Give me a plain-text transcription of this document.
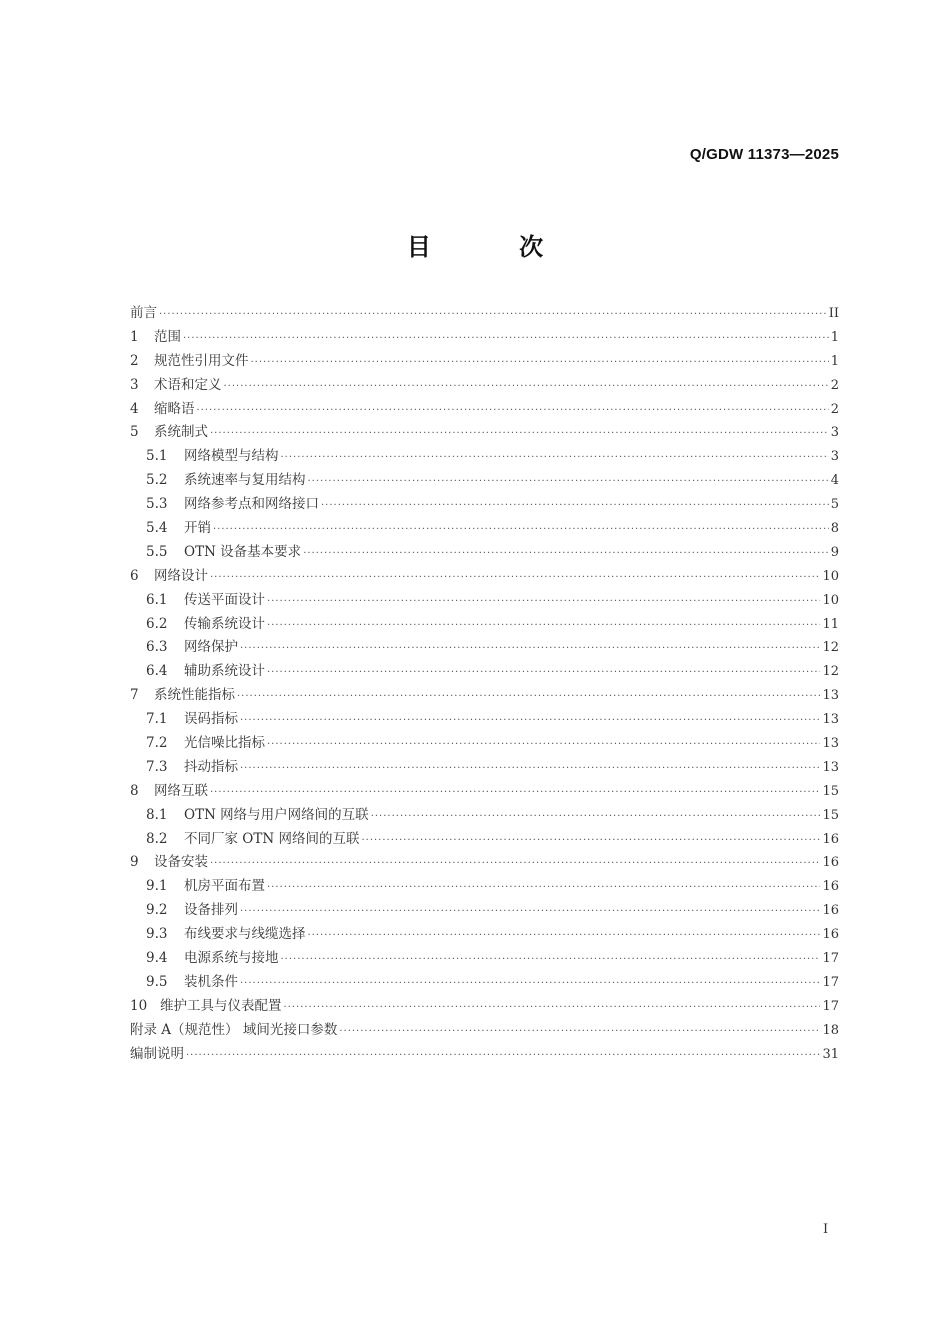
Q/GDW 11373—2025
目 次
前言 ·····	II
1	范围 ·····	1
2	规范性引用文件 ·····	1
3	术语和定义 ·····	2
4	缩略语 ·····	2
5	系统制式 ·····	3
5.1	网络模型与结构 ·····	3
5.2	系统速率与复用结构 ·····	4
5.3	网络参考点和网络接口 ·····	5
5.4	开销 ·····	8
5.5	OTN 设备基本要求 ·····	9
6	网络设计 ·····	10
6.1	传送平面设计 ·····	10
6.2	传输系统设计 ·····	11
6.3	网络保护 ·····	12
6.4	辅助系统设计 ·····	12
7	系统性能指标 ·····	13
7.1	误码指标 ·····	13
7.2	光信噪比指标 ·····	13
7.3	抖动指标 ·····	13
8	网络互联 ·····	15
8.1	OTN 网络与用户网络间的互联 ·····	15
8.2	不同厂家 OTN 网络间的互联 ·····	16
9	设备安装 ·····	16
9.1	机房平面布置 ·····	16
9.2	设备排列 ·····	16
9.3	布线要求与线缆选择 ·····	16
9.4	电源系统与接地 ·····	17
9.5	装机条件 ·····	17
10 维护工具与仪表配置 ·····	17
附录 A（规范性） 域间光接口参数 ·····	18
编制说明 ·····	31
I
